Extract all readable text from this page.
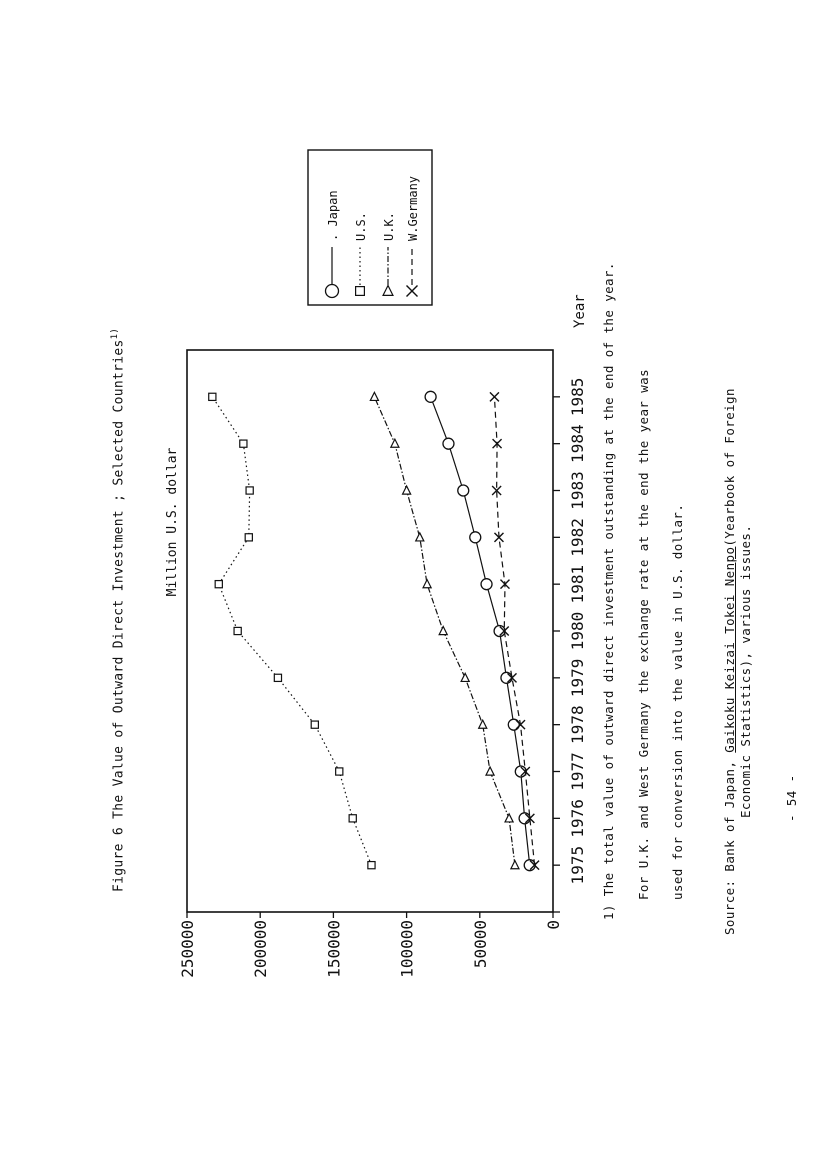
Figure 6 The Value of Outward Direct Investment ; Selected Countries$^{1)}$
0
50000
100000
150000
200000
250000
1975
1976
1977
1978
1979
1980
1981
1982
1983
1984
1985
Million U.S. dollar
Year
. Japan U.S. U.K. W.Germany
1) The total value of outward direct investment outstanding at the end of the year. For U.K. and West Germany the exchange rate at the end the year was used for conversion into the value in U.S. dollar.	Source: Bank of Japan, Gaikoku Keizai Tokei Nenpo(Yearbook of Foreign
Economic Statistics), various issues. - 54 -
